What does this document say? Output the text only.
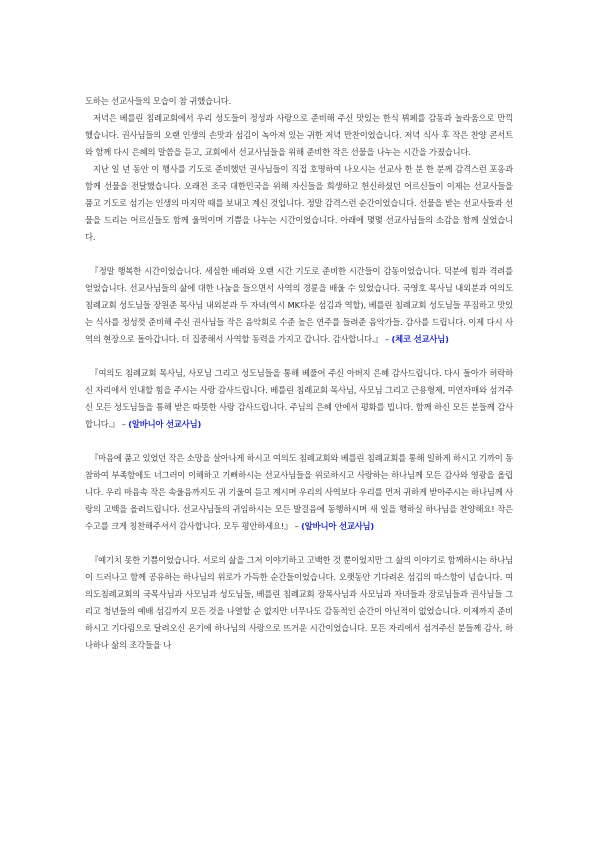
도하는 선교사들의 모습이 참 귀했습니다.

저녁은 베를린 침례교회에서 우리 성도들이 정성과 사랑으로 준비해 주신 맛있는 한식 뷔페를 감동과 놀라움으로 만끽했습니다. 권사님들의 오랜 인생의 손맛과 섬김이 녹아져 있는 귀한 저녁 만찬이었습니다. 저녁 식사 후 작은 찬양 콘서트와 함께 다시 은혜의 말씀을 듣고, 교회에서 선교사님들을 위해 준비한 작은 선물을 나누는 시간을 가졌습니다.

지난 일 년 동안 이 행사를 기도로 준비했던 권사님들이 직접 호명하여 나오시는 선교사 한 분 한 분께 감격스런 포옹과 함께 선물을 전달했습니다. 오래전 조국 대한민국을 위해 자신들을 희생하고 헌신하셨던 어르신들이 이제는 선교사들을 품고 기도로 섬기는 인생의 마지막 때를 보내고 계신 것입니다. 정말 감격스런 순간이었습니다. 선물을 받는 선교사들과 선물을 드리는 어르신들도 함께 울먹이며 기쁨을 나누는 시간이었습니다. 아래에 몇몇 선교사님들의 소감을 함께 실었습니다.

『정말 행복한 시간이었습니다. 세심한 배려와 오랜 시간 기도로 준비한 시간들이 감동이었습니다. 덕분에 힘과 격려를 얻었습니다. 선교사님들의 삶에 대한 나눔을 들으면서 사역의 경륜을 배울 수 있었습니다. 국영호 목사님 내외분과 여의도침례교회 성도님들 장원준 목사님 내외분과 두 자녀(역시 MK다운 섬김과 역할), 베를린 침례교회 성도님들 푸짐하고 맛있는 식사를 정성껏 준비해 주신 권사님들 작은 음악회로 수준 높은 연주를 들려준 음악가들. 감사를 드립니다. 이제 다시 사역의 현장으로 돌아갑니다. 더 집중해서 사역할 동력을 가지고 갑니다. 감사합니다.』 – (체코 선교사님)

『여의도 침례교회 목사님, 사모님 그리고 성도님들을 통해 베풀어 주신 아버지 은혜 감사드립니다. 다시 돌아가 허락하신 자리에서 인내할 힘을 주시는 사랑 감사드립니다. 베를린 침례교회 목사님, 사모님 그리고 근용형제, 미연자매와 섬겨주신 모든 성도님들을 통해 받은 따뜻한 사랑 감사드립니다. 주님의 은혜 안에서 평화를 빕니다. 함께 하신 모든 분들께 감사합니다.』 – (알바니아 선교사님)

『마음에 품고 있었던 작은 소망을 살아나게 하시고 여의도 침례교회와 베를린 침례교회를 통해 일하게 하시고 기까이 동참하여 부족함에도 너그러이 이해하고 기뻐하시는 선교사님들을 위로하시고 사랑하는 하나님께 모든 감사와 영광을 올립니다. 우리 마음속 작은 속울음까지도 귀 기울여 듣고 계시며 우리의 사역보다 우리를 먼저 귀하게 받아주시는 하나님께 사랑의 고백을 올려드립니다. 선교사님들의 귀임하시는 모든 발걸음에 동행하시며 새 일을 행하실 하나님을 찬양해요! 작은 수고를 크게 칭찬해주셔서 감사합니다. 모두 평안하세요!』 – (알바니아 선교사님)

『예기치 못한 기쁨이었습니다. 서로의 삶을 그저 이야기하고 고백한 것 뿐이었지만 그 삶의 이야기로 함께하시는 하나님이 드러나고 함께 공유하는 하나님의 위로가 가득한 순간들이었습니다. 오랫동안 기다려온 섬김의 따스함이 넘습니다. 여의도침례교회의 국목사님과 사모님과 성도님들, 베를린 침례교회 장목사님과 사모님과 자녀들과 장로님들과 권사님들 그리고 청년들의 예배 섬김까지 모든 것을 나열할 순 없지만 너무나도 감동적인 순간이 아닌적이 없었습니다. 이제까지 준비하시고 기다림으로 달려오신 온기에 하나님의 사랑으로 뜨거운 시간이었습니다. 모든 자리에서 섬겨주신 분들께 감사, 하나하나 삶의 조각들을 나
